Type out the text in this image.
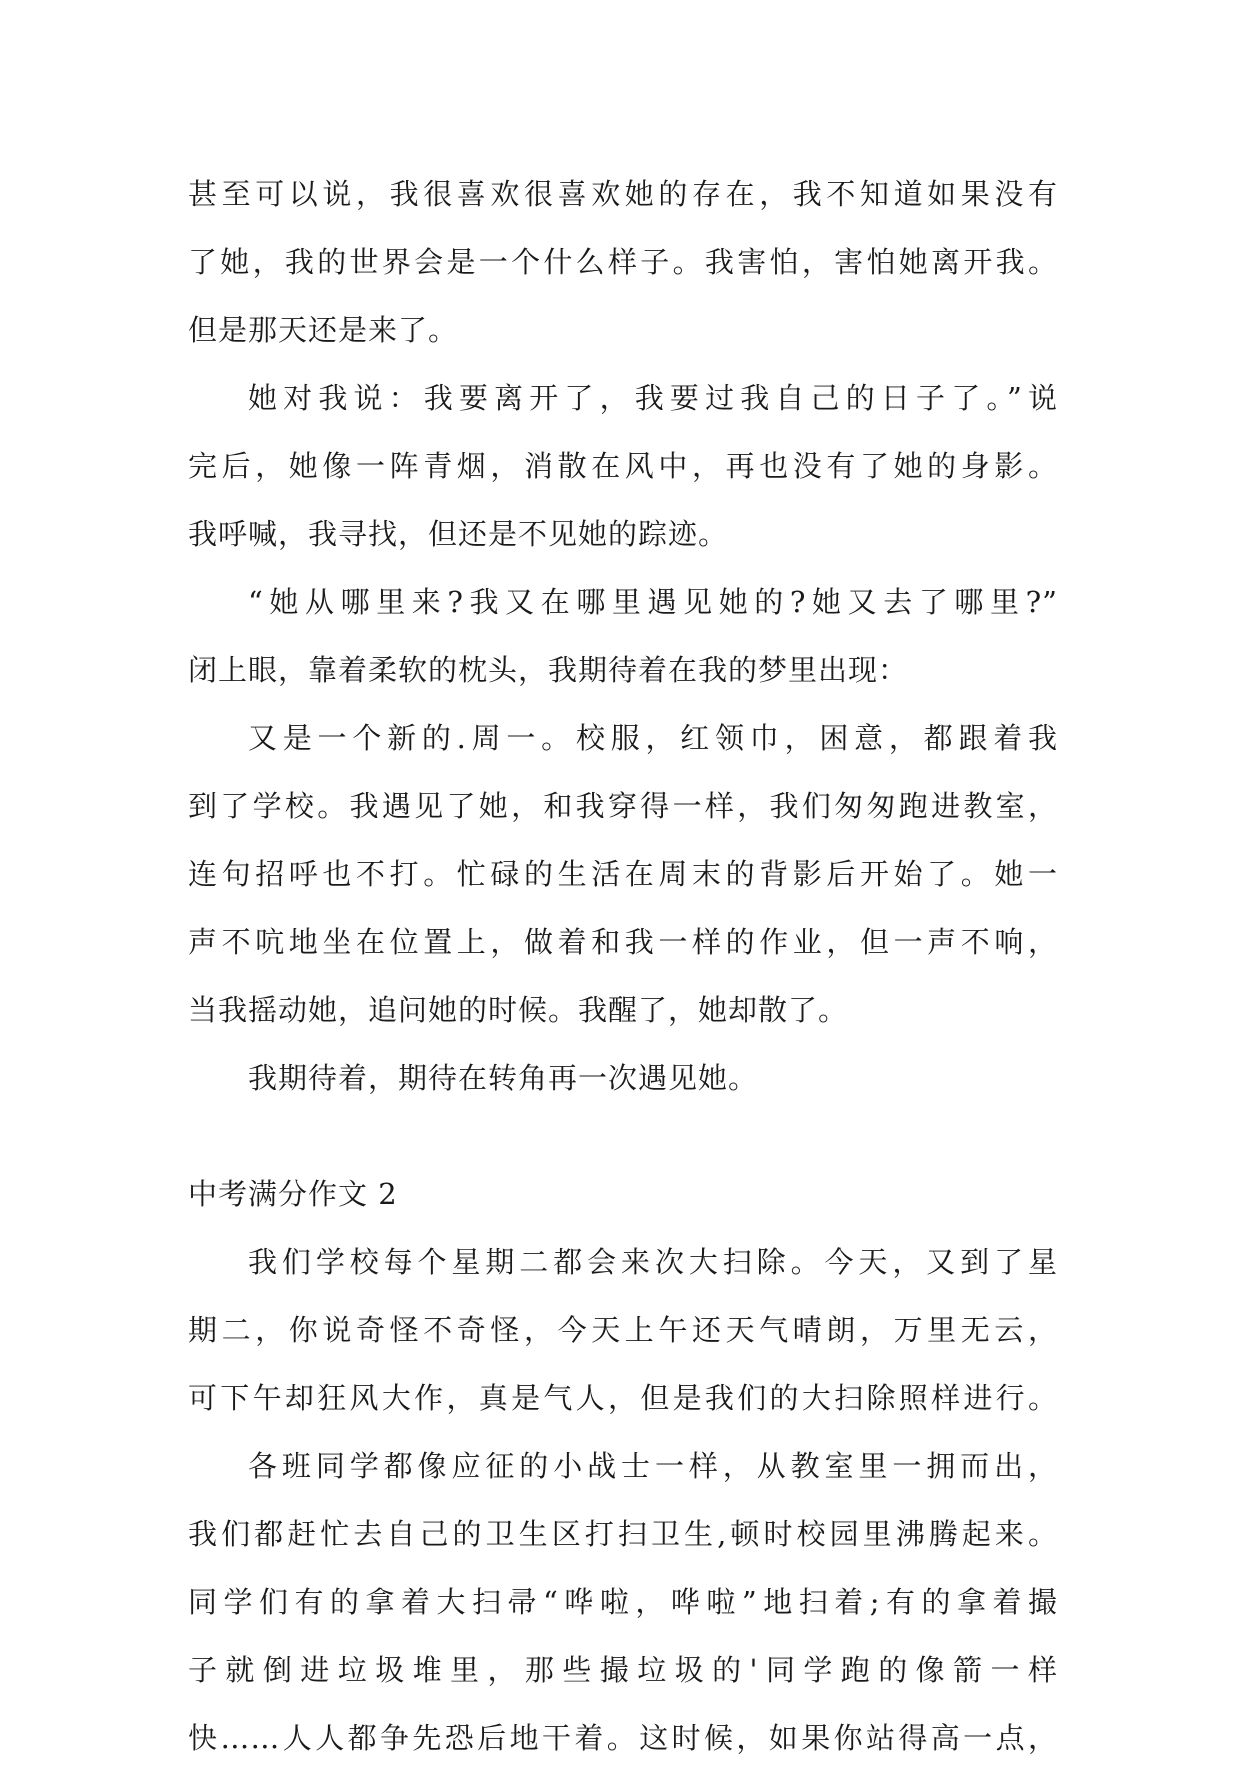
甚至可以说，我很喜欢很喜欢她的存在，我不知道如果没有
了她，我的世界会是一个什么样子。我害怕，害怕她离开我。
但是那天还是来了。
她对我说：我要离开了，我要过我自己的日子了。”说
完后，她像一阵青烟，消散在风中，再也没有了她的身影。
我呼喊，我寻找，但还是不见她的踪迹。
“她从哪里来?我又在哪里遇见她的?她又去了哪里?”
闭上眼，靠着柔软的枕头，我期待着在我的梦里出现：
又是一个新的.周一。校服，红领巾，困意，都跟着我
到了学校。我遇见了她，和我穿得一样，我们匆匆跑进教室，
连句招呼也不打。忙碌的生活在周末的背影后开始了。她一
声不吭地坐在位置上，做着和我一样的作业，但一声不响，
当我摇动她，追问她的时候。我醒了，她却散了。
我期待着，期待在转角再一次遇见她。
中考满分作文 2
我们学校每个星期二都会来次大扫除。今天，又到了星
期二，你说奇怪不奇怪，今天上午还天气晴朗，万里无云，
可下午却狂风大作，真是气人，但是我们的大扫除照样进行。
各班同学都像应征的小战士一样，从教室里一拥而出，
我们都赶忙去自己的卫生区打扫卫生,顿时校园里沸腾起来。
同学们有的拿着大扫帚“哗啦，哗啦”地扫着;有的拿着撮
子就倒进垃圾堆里，那些撮垃圾的'同学跑的像箭一样
快……人人都争先恐后地干着。这时候，如果你站得高一点，
